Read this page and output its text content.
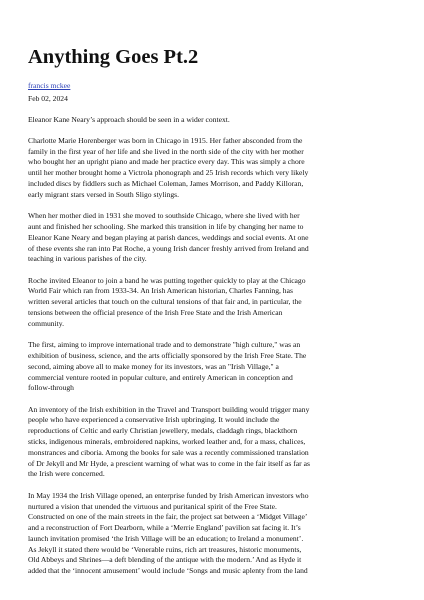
Anything Goes Pt.2
francis mckee
Feb 02, 2024

Eleanor Kane Neary’s approach should be seen in a wider context.

Charlotte Marie Horenberger was born in Chicago in 1915. Her father absconded from the
family in the first year of her life and she lived in the north side of the city with her mother
who bought her an upright piano and made her practice every day. This was simply a chore
until her mother brought home a Victrola phonograph and 25 Irish records which very likely
included discs by fiddlers such as Michael Coleman, James Morrison, and Paddy Killoran,
early migrant stars versed in South Sligo stylings.

When her mother died in 1931 she moved to southside Chicago, where she lived with her
aunt and finished her schooling. She marked this transition in life by changing her name to
Eleanor Kane Neary and began playing at parish dances, weddings and social events. At one
of these events she ran into Pat Roche, a young Irish dancer freshly arrived from Ireland and
teaching in various parishes of the city.

Roche invited Eleanor to join a band he was putting together quickly to play at the Chicago
World Fair which ran from 1933-34. An Irish American historian, Charles Fanning, has
written several articles that touch on the cultural tensions of that fair and, in particular, the
tensions between the official presence of the Irish Free State and the Irish American
community.

The first, aiming to improve international trade and to demonstrate "high culture," was an
exhibition of business, science, and the arts officially sponsored by the Irish Free State. The
second, aiming above all to make money for its investors, was an "Irish Village," a
commercial venture rooted in popular culture, and entirely American in conception and
follow-through

An inventory of the Irish exhibition in the Travel and Transport building would trigger many
people who have experienced a conservative Irish upbringing. It would include the
reproductions of Celtic and early Christian jewellery, medals, claddagh rings, blackthorn
sticks, indigenous minerals, embroidered napkins, worked leather and, for a mass, chalices,
monstrances and ciboria. Among the books for sale was a recently commissioned translation
of Dr Jekyll and Mr Hyde, a prescient warning of what was to come in the fair itself as far as
the Irish were concerned.

In May 1934 the Irish Village opened, an enterprise funded by Irish American investors who
nurtured a vision that unended the virtuous and puritanical spirit of the Free State.
Constructed on one of the main streets in the fair, the project sat between a ‘Midget Village’
and a reconstruction of Fort Dearborn, while a ‘Merrie England’ pavilion sat facing it. It’s
launch invitation promised ‘the Irish Village will be an education; to Ireland a monument’.
As Jekyll it stated there would be ‘Venerable ruins, rich art treasures, historic monuments,
Old Abbeys and Shrines—a deft blending of the antique with the modern.’ And as Hyde it
added that the ‘innocent amusement’ would include ‘Songs and music aplenty from the land
